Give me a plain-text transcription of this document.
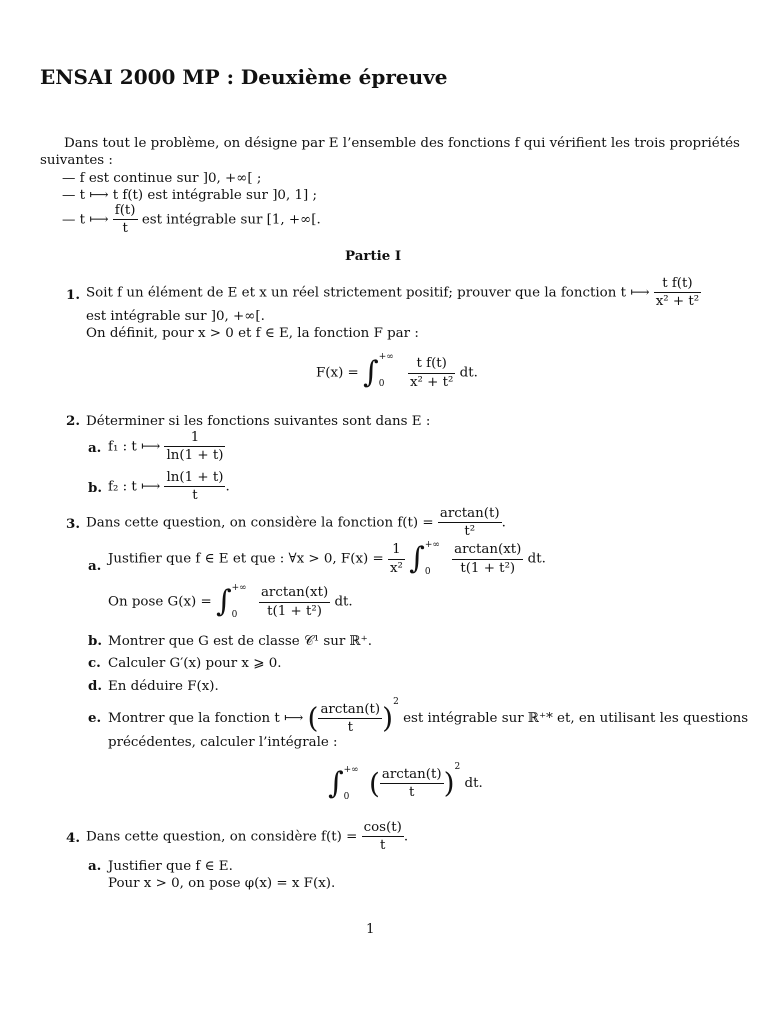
ENSAI 2000 MP : Deuxième épreuve
Dans tout le problème, on désigne par E l’ensemble des fonctions f qui vérifient les trois propriétés
suivantes :
— f est continue sur ]0, +∞[ ;
— t ⟼ t f(t) est intégrable sur ]0, 1] ;
— t ⟼ $\frac{f(t)}{t}$ est intégrable sur [1, +∞[.
Partie I
1. Soit f un élément de E et x un réel strictement positif; prouver que la fonction t ⟼ $\frac{\text{t f(t)}}{\text{x² + t²}}$
est intégrable sur ]0, +∞[.
On définit, pour x > 0 et f ∈ E, la fonction F par :
F(x) = ∫ +∞
0
	$\frac{\text{t f(t)}}{\text{x² + t²}}$ dt.
2. Déterminer si les fonctions suivantes sont dans E :
a. f₁ : t ⟼ $\frac{1}{\ln(1 + t)}$
b. f₂ : t ⟼ $\frac{\ln(1 + t)}{t}$ .
3. Dans cette question, on considère la fonction $f(t) = \frac{\arctan(t)}{\text{t²}}$ .
a. Justifier que f ∈ E et que : ∀x > 0, $F(x) = \frac{1}{\text{x²}}$ ∫ +∞
0
	$\frac{\arctan(xt)}{\text{t(1 + t²)}}$ dt.
On pose G(x) = ∫ +∞
0
	$\frac{\arctan(xt)}{\text{t(1 + t²)}}$ dt.
b. Montrer que G est de classe 𝒞¹ sur ℝ⁺.
c. Calculer G′(x) pour x ⩾ 0.
d. En déduire F(x).
e. Montrer que la fonction t ⟼ ( $\frac{\arctan(t)}{t} )^2$ est intégrable sur ℝ⁺* et, en utilisant les questions
précédentes, calculer l’intégrale :
∫ +∞
0 ( $\frac{\arctan(t)}{t} )^2$ dt.
4. Dans cette question, on considère $f(t) = \frac{\cos(t)}{t}$ .
a. Justifier que f ∈ E.
Pour x > 0, on pose φ(x) = x F(x).
1
